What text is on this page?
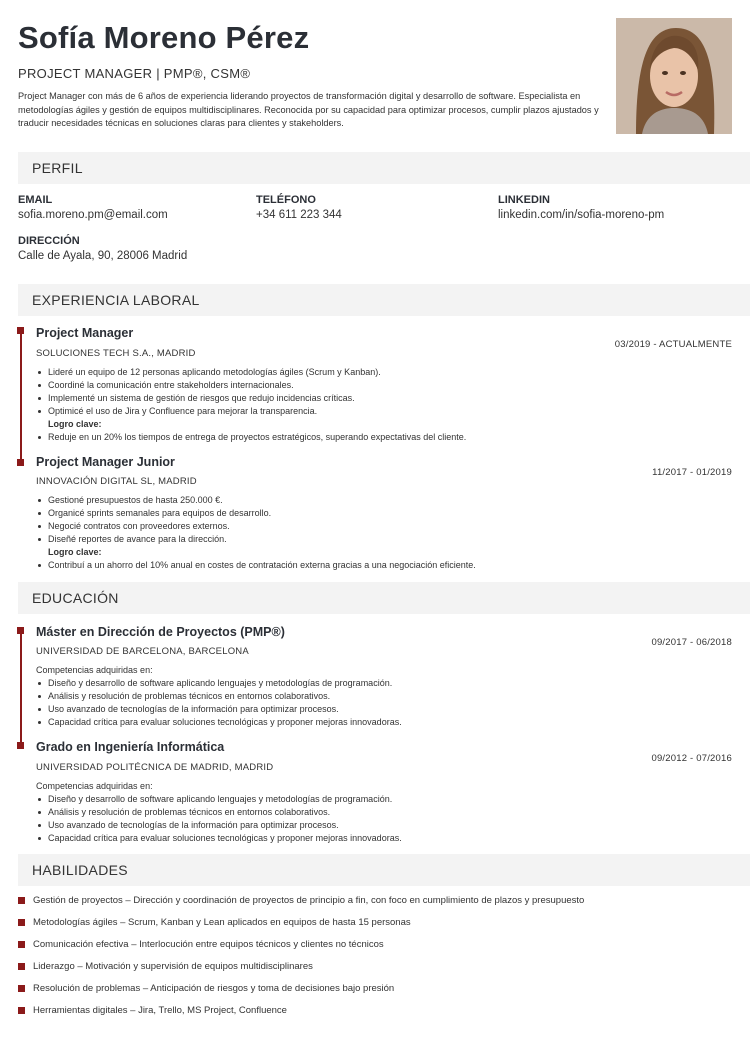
Sofía Moreno Pérez
PROJECT MANAGER | PMP®, CSM®
Project Manager con más de 6 años de experiencia liderando proyectos de transformación digital y desarrollo de software. Especialista en metodologías ágiles y gestión de equipos multidisciplinares. Reconocida por su capacidad para optimizar procesos, cumplir plazos ajustados y traducir necesidades técnicas en soluciones claras para clientes y stakeholders.
PERFIL
EMAIL
sofia.moreno.pm@email.com
TELÉFONO
+34 611 223 344
LINKEDIN
linkedin.com/in/sofia-moreno-pm
DIRECCIÓN
Calle de Ayala, 90, 28006 Madrid
EXPERIENCIA LABORAL
Project Manager
SOLUCIONES TECH S.A., MADRID
03/2019 - ACTUALMENTE
Lideré un equipo de 12 personas aplicando metodologías ágiles (Scrum y Kanban).
Coordiné la comunicación entre stakeholders internacionales.
Implementé un sistema de gestión de riesgos que redujo incidencias críticas.
Optimicé el uso de Jira y Confluence para mejorar la transparencia.
Logro clave:
Reduje en un 20% los tiempos de entrega de proyectos estratégicos, superando expectativas del cliente.
Project Manager Junior
INNOVACIÓN DIGITAL SL, MADRID
11/2017 - 01/2019
Gestioné presupuestos de hasta 250.000 €.
Organicé sprints semanales para equipos de desarrollo.
Negocié contratos con proveedores externos.
Diseñé reportes de avance para la dirección.
Logro clave:
Contribuí a un ahorro del 10% anual en costes de contratación externa gracias a una negociación eficiente.
EDUCACIÓN
Máster en Dirección de Proyectos (PMP®)
UNIVERSIDAD DE BARCELONA, BARCELONA
09/2017 - 06/2018
Competencias adquiridas en:
Diseño y desarrollo de software aplicando lenguajes y metodologías de programación.
Análisis y resolución de problemas técnicos en entornos colaborativos.
Uso avanzado de tecnologías de la información para optimizar procesos.
Capacidad crítica para evaluar soluciones tecnológicas y proponer mejoras innovadoras.
Grado en Ingeniería Informática
UNIVERSIDAD POLITÉCNICA DE MADRID, MADRID
09/2012 - 07/2016
Competencias adquiridas en:
Diseño y desarrollo de software aplicando lenguajes y metodologías de programación.
Análisis y resolución de problemas técnicos en entornos colaborativos.
Uso avanzado de tecnologías de la información para optimizar procesos.
Capacidad crítica para evaluar soluciones tecnológicas y proponer mejoras innovadoras.
HABILIDADES
Gestión de proyectos – Dirección y coordinación de proyectos de principio a fin, con foco en cumplimiento de plazos y presupuesto
Metodologías ágiles – Scrum, Kanban y Lean aplicados en equipos de hasta 15 personas
Comunicación efectiva – Interlocución entre equipos técnicos y clientes no técnicos
Liderazgo – Motivación y supervisión de equipos multidisciplinares
Resolución de problemas – Anticipación de riesgos y toma de decisiones bajo presión
Herramientas digitales – Jira, Trello, MS Project, Confluence
